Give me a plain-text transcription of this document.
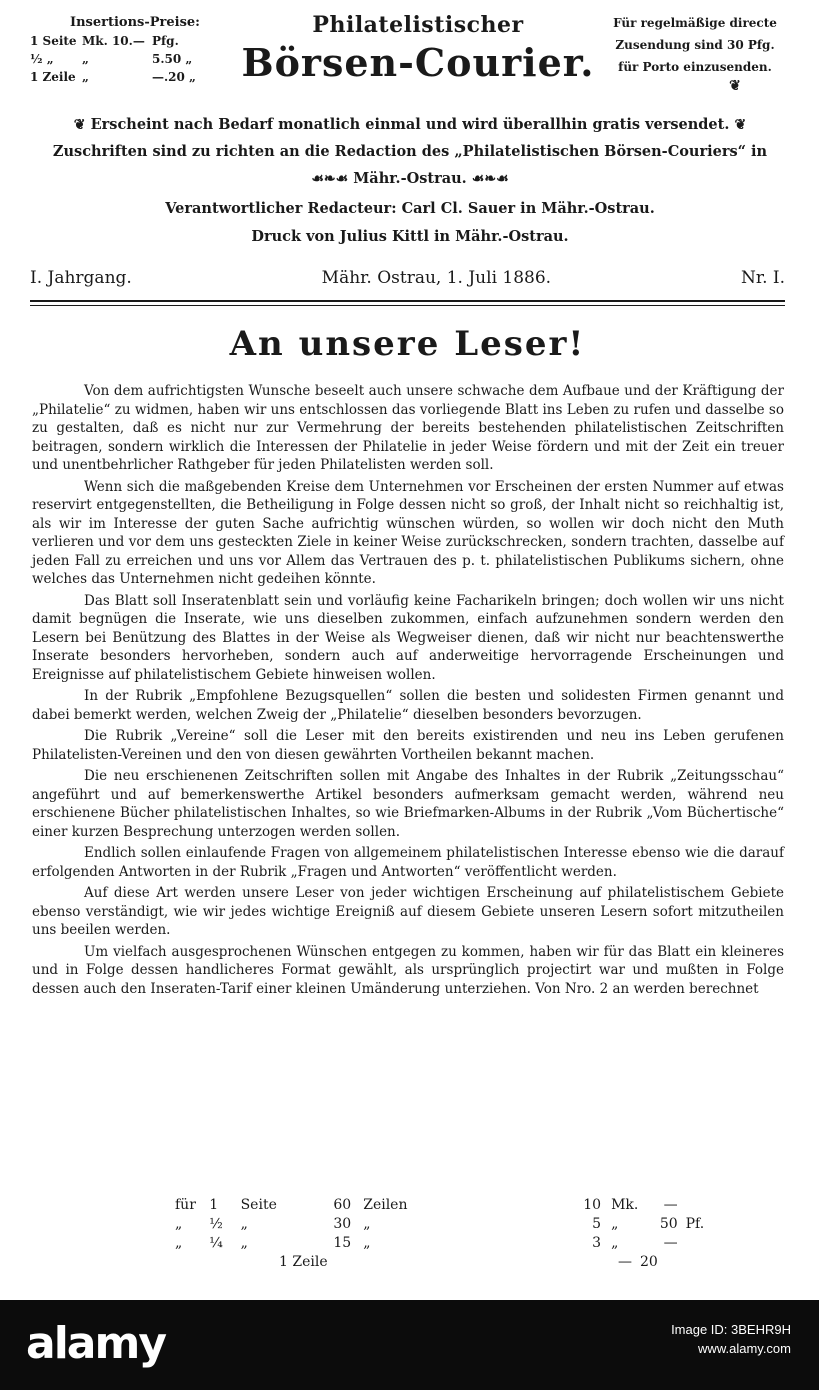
Insertions-Preise:
1 Seite Mk. 10.— Pfg.
½ „	„	5.50 „
1 Zeile „	—.20 „
Philatelistischer
Börsen-Courier.
Für regelmäßige directe
Zusendung sind 30 Pfg.
für Porto einzusenden.
❦
❦ Erscheint nach Bedarf monatlich einmal und wird überallhin gratis versendet. ❦
Zuschriften sind zu richten an die Redaction des „Philatelistischen Börsen-Couriers“ in
☙❧☙ Mähr.-Ostrau. ☙❧☙
Verantwortlicher Redacteur: Carl Cl. Sauer in Mähr.-Ostrau.
Druck von Julius Kittl in Mähr.-Ostrau.
I. Jahrgang.	Mähr. Ostrau, 1. Juli 1886.	Nr. I.
An unsere Leser!

Von dem aufrichtigsten Wunsche beseelt auch unsere schwache dem Aufbaue und der Kräftigung der „Philatelie“ zu widmen, haben wir uns entschlossen das vorliegende Blatt ins Leben zu rufen und dasselbe so zu gestalten, daß es nicht nur zur Vermehrung der bereits bestehenden philatelistischen Zeitschriften beitragen, sondern wirklich die Interessen der Philatelie in jeder Weise fördern und mit der Zeit ein treuer und unentbehrlicher Rathgeber für jeden Philatelisten werden soll.

Wenn sich die maßgebenden Kreise dem Unternehmen vor Erscheinen der ersten Nummer auf etwas reservirt entgegenstellten, die Betheiligung in Folge dessen nicht so groß, der Inhalt nicht so reichhaltig ist, als wir im Interesse der guten Sache aufrichtig wünschen würden, so wollen wir doch nicht den Muth verlieren und vor dem uns gesteckten Ziele in keiner Weise zurückschrecken, sondern trachten, dasselbe auf jeden Fall zu erreichen und uns vor Allem das Vertrauen des p. t. philatelistischen Publikums sichern, ohne welches das Unternehmen nicht gedeihen könnte.

Das Blatt soll Inseratenblatt sein und vorläufig keine Facharikeln bringen; doch wollen wir uns nicht damit begnügen die Inserate, wie uns dieselben zukommen, einfach aufzunehmen sondern werden den Lesern bei Benützung des Blattes in der Weise als Wegweiser dienen, daß wir nicht nur beachtenswerthe Inserate besonders hervorheben, sondern auch auf anderweitige hervorragende Erscheinungen und Ereignisse auf philatelistischem Gebiete hinweisen wollen.

In der Rubrik „Empfohlene Bezugsquellen“ sollen die besten und solidesten Firmen genannt und dabei bemerkt werden, welchen Zweig der „Philatelie“ dieselben besonders bevorzugen.

Die Rubrik „Vereine“ soll die Leser mit den bereits existirenden und neu ins Leben gerufenen Philatelisten-Vereinen und den von diesen gewährten Vortheilen bekannt machen.

Die neu erschienenen Zeitschriften sollen mit Angabe des Inhaltes in der Rubrik „Zeitungsschau“ angeführt und auf bemerkenswerthe Artikel besonders aufmerksam gemacht werden, während neu erschienene Bücher philatelistischen Inhaltes, so wie Briefmarken-Albums in der Rubrik „Vom Büchertische“ einer kurzen Besprechung unterzogen werden sollen.

Endlich sollen einlaufende Fragen von allgemeinem philatelistischen Interesse ebenso wie die darauf erfolgenden Antworten in der Rubrik „Fragen und Antworten“ veröffentlicht werden.

Auf diese Art werden unsere Leser von jeder wichtigen Erscheinung auf philatelistischem Gebiete ebenso verständigt, wie wir jedes wichtige Ereigniß auf diesem Gebiete unseren Lesern sofort mitzutheilen uns beeilen werden.

Um vielfach ausgesprochenen Wünschen entgegen zu kommen, haben wir für das Blatt ein kleineres und in Folge dessen handlicheres Format gewählt, als ursprünglich projectirt war und mußten in Folge dessen auch den Inseraten-Tarif einer kleinen Umänderung unterziehen. Von Nro. 2 an werden berechnet

für 1	Seite	60 Zeilen	10 Mk.	—
„	½	„	30 „	5 „	50 Pf.
„	¼	„	15 „	3 „	—
1 Zeile	— 20
alamy	Image ID: 3BEHR9H
www.alamy.com
